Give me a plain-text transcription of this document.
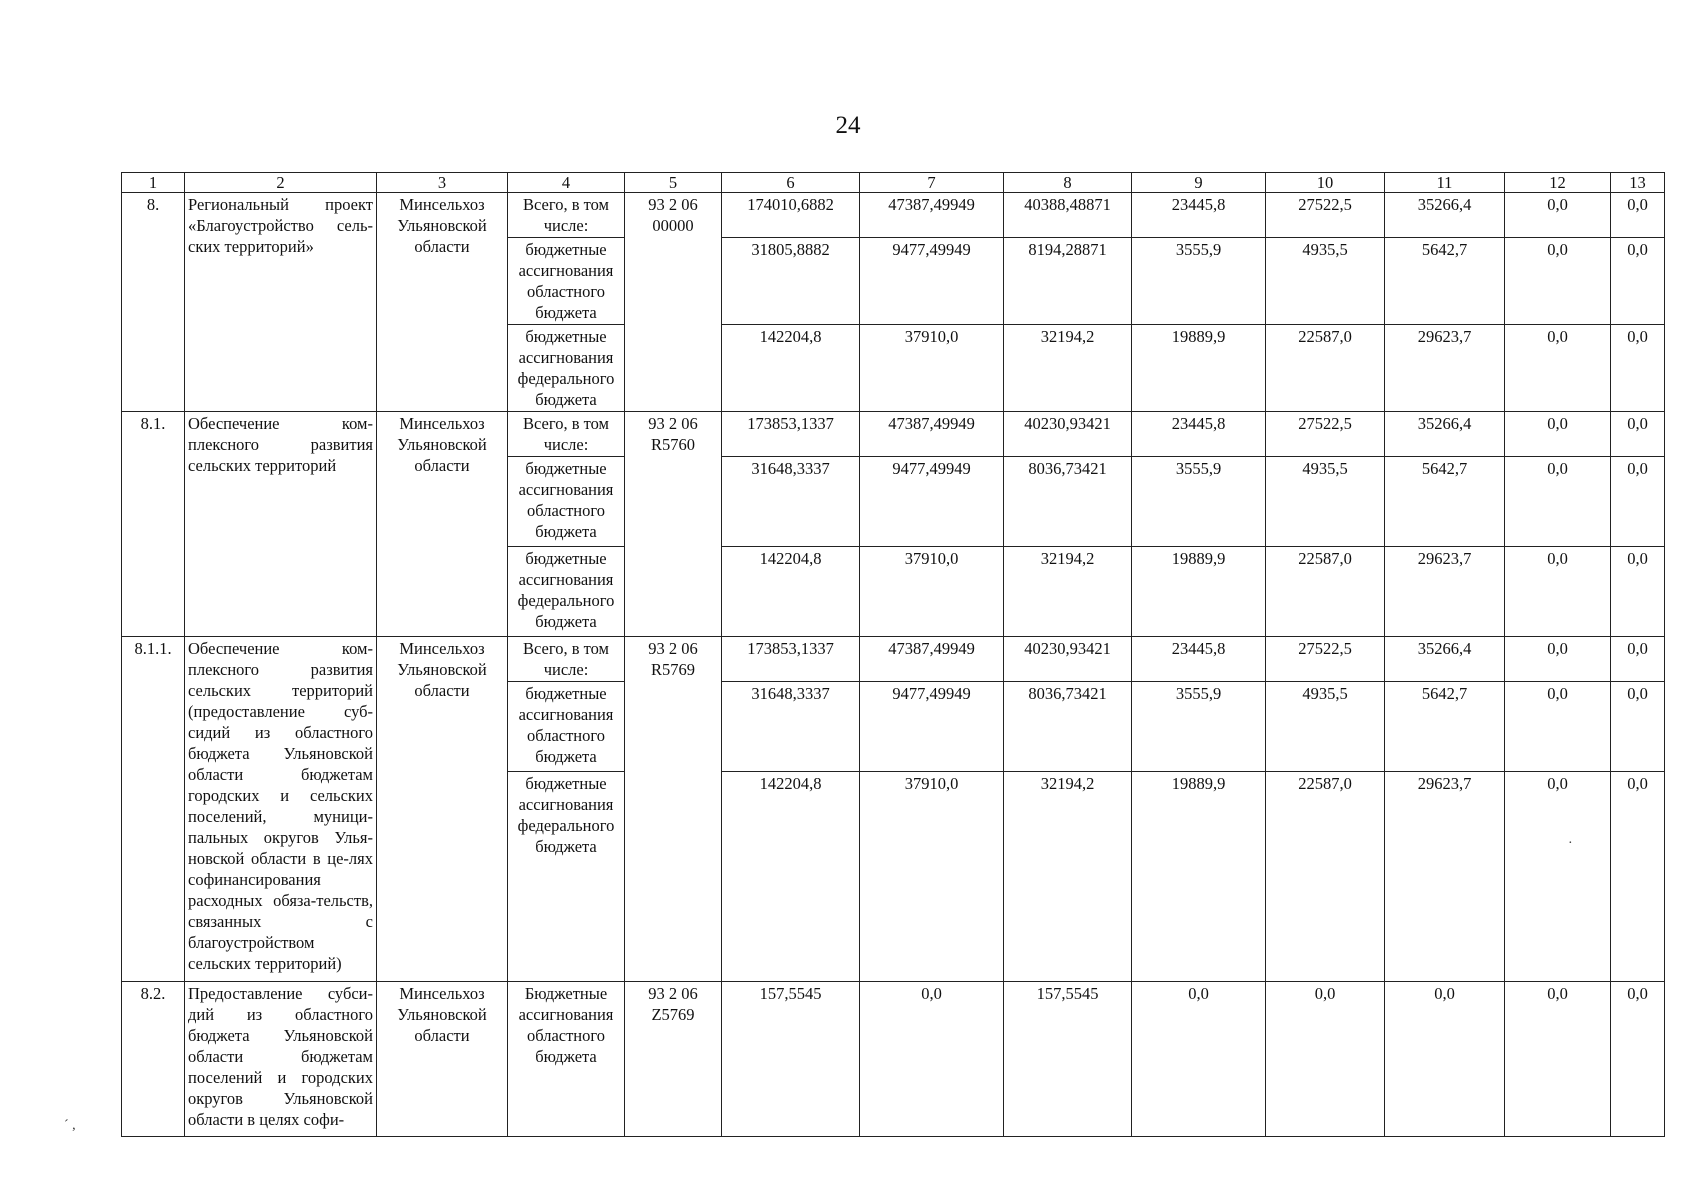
24
1	2	3	4	5	6	7	8	9	10	11	12	13
8.	Региональный проект «Благоустройство сель-ских территорий»	Минсельхоз Ульяновской области	Всего, в том числе:	93 2 06 00000	174010,6882	47387,49949	40388,48871	23445,8	27522,5	35266,4	0,0	0,0
			бюджетные ассигнования областного бюджета		31805,8882	9477,49949	8194,28871	3555,9	4935,5	5642,7	0,0	0,0
			бюджетные ассигнования федерального бюджета		142204,8	37910,0	32194,2	19889,9	22587,0	29623,7	0,0	0,0
8.1.	Обеспечение ком-плексного развития сельских территорий	Минсельхоз Ульяновской области	Всего, в том числе:	93 2 06 R5760	173853,1337	47387,49949	40230,93421	23445,8	27522,5	35266,4	0,0	0,0
			бюджетные ассигнования областного бюджета		31648,3337	9477,49949	8036,73421	3555,9	4935,5	5642,7	0,0	0,0
			бюджетные ассигнования федерального бюджета		142204,8	37910,0	32194,2	19889,9	22587,0	29623,7	0,0	0,0
8.1.1.	Обеспечение ком-плексного развития сельских территорий (предоставление суб-сидий из областного бюджета Ульяновской области бюджетам городских и сельских поселений, муници-пальных округов Улья-новской области в це-лях софинансирования расходных обяза-тельств, связанных с благоустройством сельских территорий)	Минсельхоз Ульяновской области	Всего, в том числе:	93 2 06 R5769	173853,1337	47387,49949	40230,93421	23445,8	27522,5	35266,4	0,0	0,0
			бюджетные ассигнования областного бюджета		31648,3337	9477,49949	8036,73421	3555,9	4935,5	5642,7	0,0	0,0
			бюджетные ассигнования федерального бюджета		142204,8	37910,0	32194,2	19889,9	22587,0	29623,7	0,0	0,0
8.2.	Предоставление субси-дий из областного бюджета Ульяновской области бюджетам поселений и городских округов Ульяновской области в целях софи-	Минсельхоз Ульяновской области	Бюджетные ассигнования областного бюджета	93 2 06 Z5769	157,5545	0,0	157,5545	0,0	0,0	0,0	0,0	0,0
·
´ ,
